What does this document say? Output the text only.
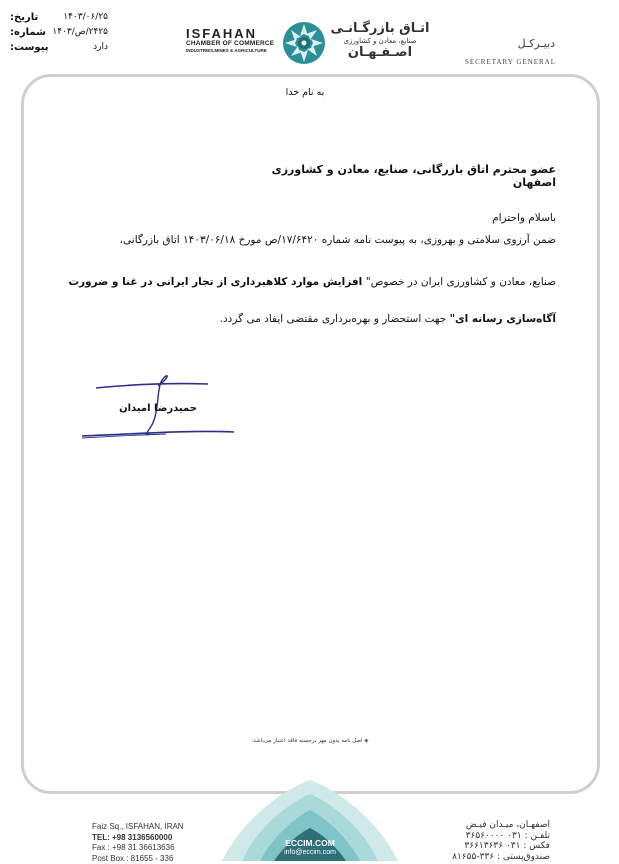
تاریخ:	۱۴۰۳/۰۶/۲۵
شماره: ۲۴۲۵/ص/۱۴۰۳
پیوست:	دارد
ISFAHAN
CHAMBER OF COMMERCE
INDUSTRIES,MINES & AGRICULTURE
اتـاق بازرگـانـی
صنایع، معادن و کشاورزی
اصـفـهـان
دبیـرکـل
SECRETARY GENERAL
به نام خدا
عضو محترم اتاق بازرگانی، صنایع، معادن و کشاورزی اصفهان
باسلام واحترام
ضمن آرزوی سلامتی و بهروزی، به پیوست نامه شماره ۱۷/۶۴۲۰/ص مورخ ۱۴۰۳/۰۶/۱۸ اتاق بازرگانی،
صنایع، معادن و کشاورزی ایران در خصوص" افزایش موارد کلاهبرداری از تجار ایرانی در غنا و ضرورت
آگاه‌سازی رسانه ای" جهت استحضار و بهره‌برداری مقتضی ایفاد می گردد.
حمیدرضا امیدان
◈ اصل نامه بدون مهر برجسته فاقد اعتبار می‌باشد.
ECCIM.COM
info@eccim.com
Faiz Sq., ISFAHAN, IRAN
TEL: +98 3136560000
Fax : +98 31 36613636
Post Box : 81655 - 336
اصفهـان، میـدان فیـض
تلفـن : ۰۳۱ ۳۶۵۶۰۰۰۰
فکس : ۰۳۱ ۳۶۶۱۳۶۳۶
صندوق‌پستی : ۳۳۶-۸۱۶۵۵
